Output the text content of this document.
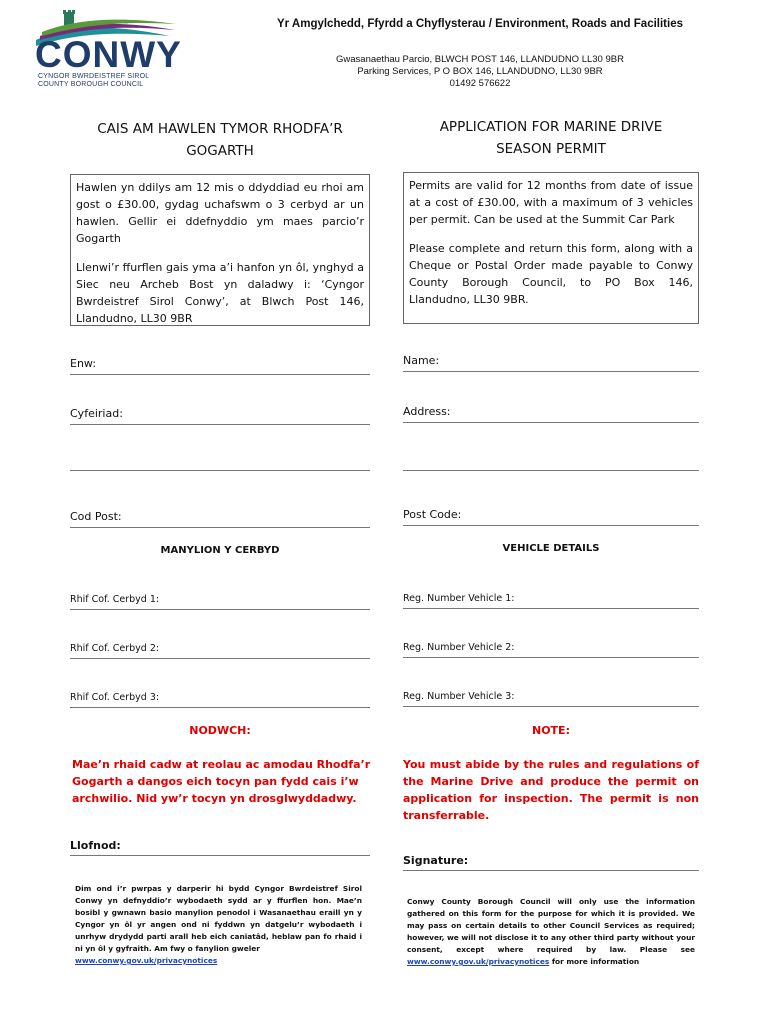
CONWY
CYNGOR BWRDEISTREF SIROL
COUNTY BOROUGH COUNCIL
Yr Amgylchedd, Ffyrdd a Chyflysterau / Environment, Roads and Facilities
Gwasanaethau Parcio, BLWCH POST 146, LLANDUDNO LL30 9BR
Parking Services, P O BOX 146, LLANDUDNO, LL30 9BR
01492 576622
CAIS AM HAWLEN TYMOR RHODFA’R
GOGARTH
APPLICATION FOR MARINE DRIVE
SEASON PERMIT

Hawlen yn ddilys am 12 mis o ddyddiad eu rhoi am gost o £30.00, gydag uchafswm o 3 cerbyd ar un hawlen. Gellir ei ddefnyddio ym maes parcio’r Gogarth

Llenwi’r ffurflen gais yma a’i hanfon yn ôl, ynghyd a Siec neu Archeb Bost yn daladwy i: ‘Cyngor Bwrdeistref Sirol Conwy’, at Blwch Post 146, Llandudno, LL30 9BR

Permits are valid for 12 months from date of issue at a cost of £30.00, with a maximum of 3 vehicles per permit. Can be used at the Summit Car Park

Please complete and return this form, along with a Cheque or Postal Order made payable to Conwy County Borough Council, to PO Box 146, Llandudno, LL30 9BR.

Enw:	Name:
Cyfeiriad:	Address:
Cod Post:	Post Code:
MANYLION Y CERBYD	VEHICLE DETAILS
Rhif Cof. Cerbyd 1:	Reg. Number Vehicle 1:
Rhif Cof. Cerbyd 2:	Reg. Number Vehicle 2:
Rhif Cof. Cerbyd 3:	Reg. Number Vehicle 3:
NODWCH:	NOTE:
Mae’n rhaid cadw at reolau ac amodau Rhodfa’r Gogarth a dangos eich tocyn pan fydd cais i’w archwilio. Nid yw’r tocyn yn drosglwyddadwy.
You must abide by the rules and regulations of the Marine Drive and produce the permit on application for inspection. The permit is non transferrable.
Llofnod:
Signature:
Dim ond i’r pwrpas y darperir hi bydd Cyngor Bwrdeistref Sirol Conwy yn defnyddio’r wybodaeth sydd ar y ffurflen hon. Mae’n bosibl y gwnawn basio manylion penodol i Wasanaethau eraill yn y Cyngor yn ôl yr angen ond ni fyddwn yn datgelu’r wybodaeth i unrhyw drydydd parti arall heb eich caniatâd, heblaw pan fo rhaid i ni yn ôl y gyfraith. Am fwy o fanylion gweler
www.conwy.gov.uk/privacynotices
Conwy County Borough Council will only use the information gathered on this form for the purpose for which it is provided. We may pass on certain details to other Council Services as required; however, we will not disclose it to any other third party without your consent, except where required by law. Please see www.conwy.gov.uk/privacynotices for more information
